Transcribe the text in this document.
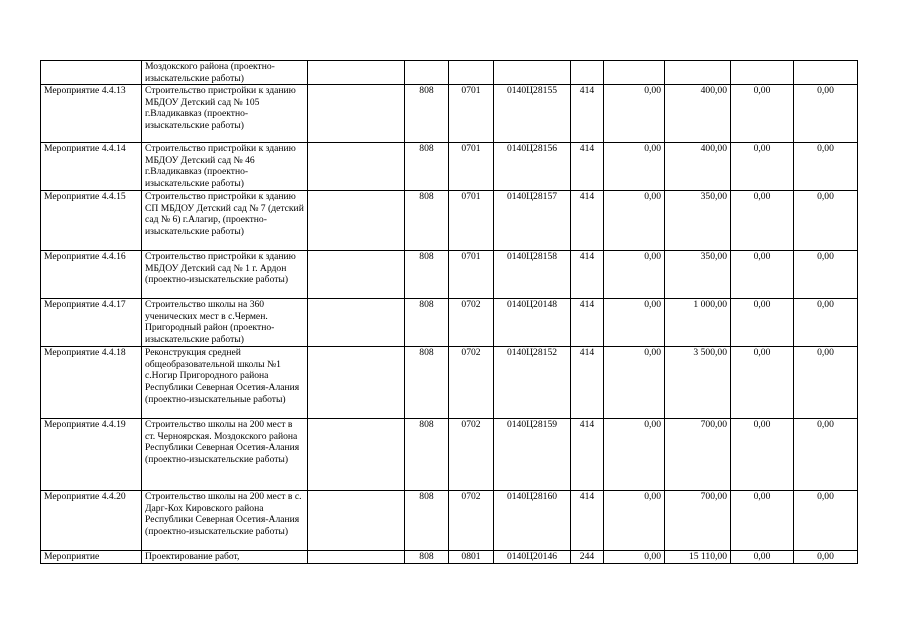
	Моздокского района (проектно-изыскательские работы)									
Мероприятие 4.4.13	Строительство пристройки к зданию МБДОУ Детский сад № 105 г.Владикавказ (проектно-изыскательские работы)		808	0701	0140Ц28155	414	0,00	400,00	0,00	0,00
Мероприятие 4.4.14	Строительство пристройки к зданию МБДОУ Детский сад № 46 г.Владикавказ (проектно-изыскательские работы)		808	0701	0140Ц28156	414	0,00	400,00	0,00	0,00
Мероприятие 4.4.15	Строительство пристройки к зданию СП МБДОУ Детский сад № 7 (детский сад № 6) г.Алагир, (проектно-изыскательские работы)		808	0701	0140Ц28157	414	0,00	350,00	0,00	0,00
Мероприятие 4.4.16	Строительство пристройки к зданию МБДОУ Детский сад № 1 г. Ардон (проектно-изыскательские работы)		808	0701	0140Ц28158	414	0,00	350,00	0,00	0,00
Мероприятие 4.4.17	Строительство школы на 360 ученических мест в с.Чермен. Пригородный район (проектно-изыскательские работы)		808	0702	0140Ц20148	414	0,00	1 000,00	0,00	0,00
Мероприятие 4.4.18	Реконструкция средней общеобразовательной школы №1 с.Ногир Пригородного района Республики Северная Осетия-Алания (проектно-изыскательные работы)		808	0702	0140Ц28152	414	0,00	3 500,00	0,00	0,00
Мероприятие 4.4.19	Строительство школы на 200 мест в ст. Черноярская. Моздокского района Республики Северная Осетия-Алания (проектно-изыскательские работы)		808	0702	0140Ц28159	414	0,00	700,00	0,00	0,00
Мероприятие 4.4.20	Строительство школы на 200 мест в с. Дарг-Кох Кировского района Республики Северная Осетия-Алания (проектно-изыскательские работы)		808	0702	0140Ц28160	414	0,00	700,00	0,00	0,00
Мероприятие	Проектирование работ,		808	0801	0140Ц20146	244	0,00	15 110,00	0,00	0,00
